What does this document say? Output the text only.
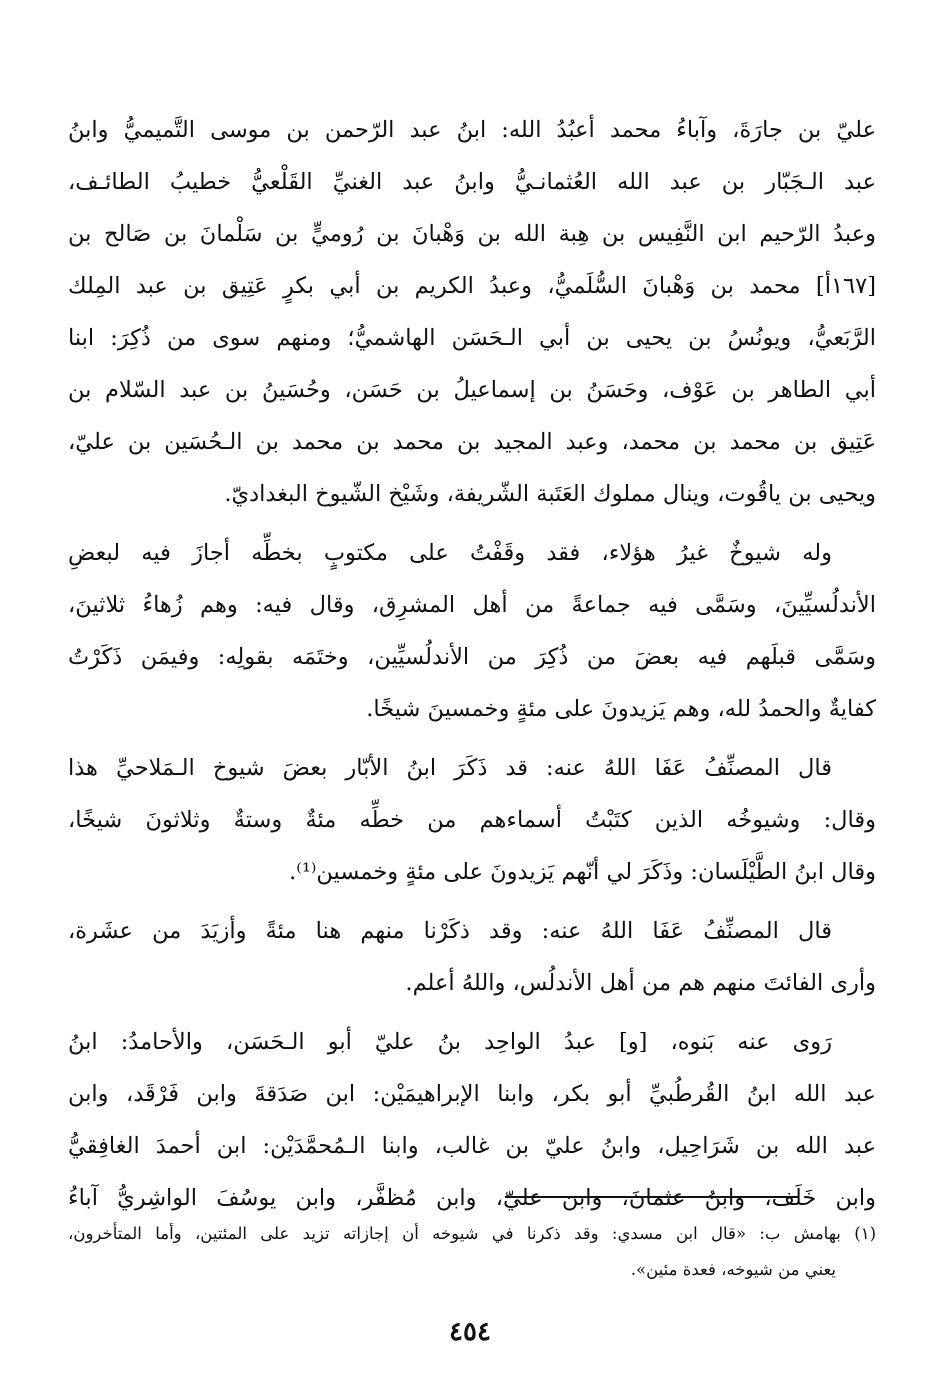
عليّ بن جارَةَ، وآباءُ محمد أعبُدُ الله: ابنُ عبد الرّحمن بن موسى التَّميميُّ وابنُ
عبد الـجَبّار بن عبد الله العُثمانـيُّ وابنُ عبد الغنيِّ القَلْعيُّ خطيبُ الطائـف،
وعبدُ الرّحيم ابن النَّفِيس بن هِبة الله بن وَهْبانَ بن رُوميٍّ بن سَلْمانَ بن صَالح بن
[١٦٧أ] محمد بن وَهْبانَ السُّلَميُّ، وعبدُ الكريم بن أبي بكرٍ عَتِيق بن عبد المِلك
الرَّبَعيُّ، ويونُسُ بن يحيى بن أبي الـحَسَن الهاشميُّ؛ ومنهم سوى من ذُكِرَ: ابنا
أبي الطاهر بن عَوْف، وحَسَنُ بن إسماعيلُ بن حَسَن، وحُسَينُ بن عبد السّلام بن
عَتِيق بن محمد بن محمد، وعبد المجيد بن محمد بن محمد بن الـحُسَين بن عليّ،
ويحيى بن ياقُوت، وينال مملوك العَتَبة الشّريفة، وشَيْخ الشّيوخ البغداديّ.
وله شيوخٌ غيرُ هؤلاء، فقد وقَفْتُ على مكتوبٍ بخطِّه أجازَ فيه لبعضِ
الأندلُسيِّينَ، وسَمَّى فيه جماعةً من أهل المشرِق، وقال فيه: وهم زُهاءُ ثلاثينَ،
وسَمَّى قبلَهم فيه بعضَ من ذُكِرَ من الأندلُسيِّين، وختَمَه بقولِه: وفيمَن ذَكَرْتُ
كفايةٌ والحمدُ لله، وهم يَزيدونَ على مئةٍ وخمسينَ شيخًا.
قال المصنِّفُ عَفَا اللهُ عنه: قد ذَكَرَ ابنُ الأبّار بعضَ شيوخ الـمَلاحيِّ هذا
وقال: وشيوخُه الذين كتَبْتُ أسماءهم من خطِّه مئةٌ وستةٌ وثلاثونَ شيخًا،
وقال ابنُ الطَّيْلَسان: وذَكَرَ لي أنّهم يَزيدونَ على مئةٍ وخمسين⁽¹⁾.
قال المصنِّفُ عَفَا اللهُ عنه: وقد ذكَرْنا منهم هنا مئةً وأزيَدَ من عشَرة،
وأرى الفائتَ منهم هم من أهل الأندلُس، واللهُ أعلم.
رَوى عنه بَنوه، [و] عبدُ الواحِد بنُ عليّ أبو الـحَسَن، والأحامدُ: ابنُ
عبد الله ابنُ القُرطُبيِّ أبو بكر، وابنا الإبراهيمَيْن: ابن صَدَقةَ وابن فَرْقَد، وابن
عبد الله بن شَرَاحِيل، وابنُ عليّ بن غالب، وابنا الـمُحمَّدَيْن: ابن أحمدَ الغافِقيُّ
وابن خَلَف، وابنُ عثمانَ، وابن عليّ، وابن مُظفَّر، وابن يوسُفَ الواشِريُّ آباءُ
(١) بهامش ب: «قال ابن مسدي: وقد ذكرنا في شيوخه أن إجازاته تزيد على المئتين، وأما المتأخرون،
يعني من شيوخه، فعدة مئين».
٤٥٤
